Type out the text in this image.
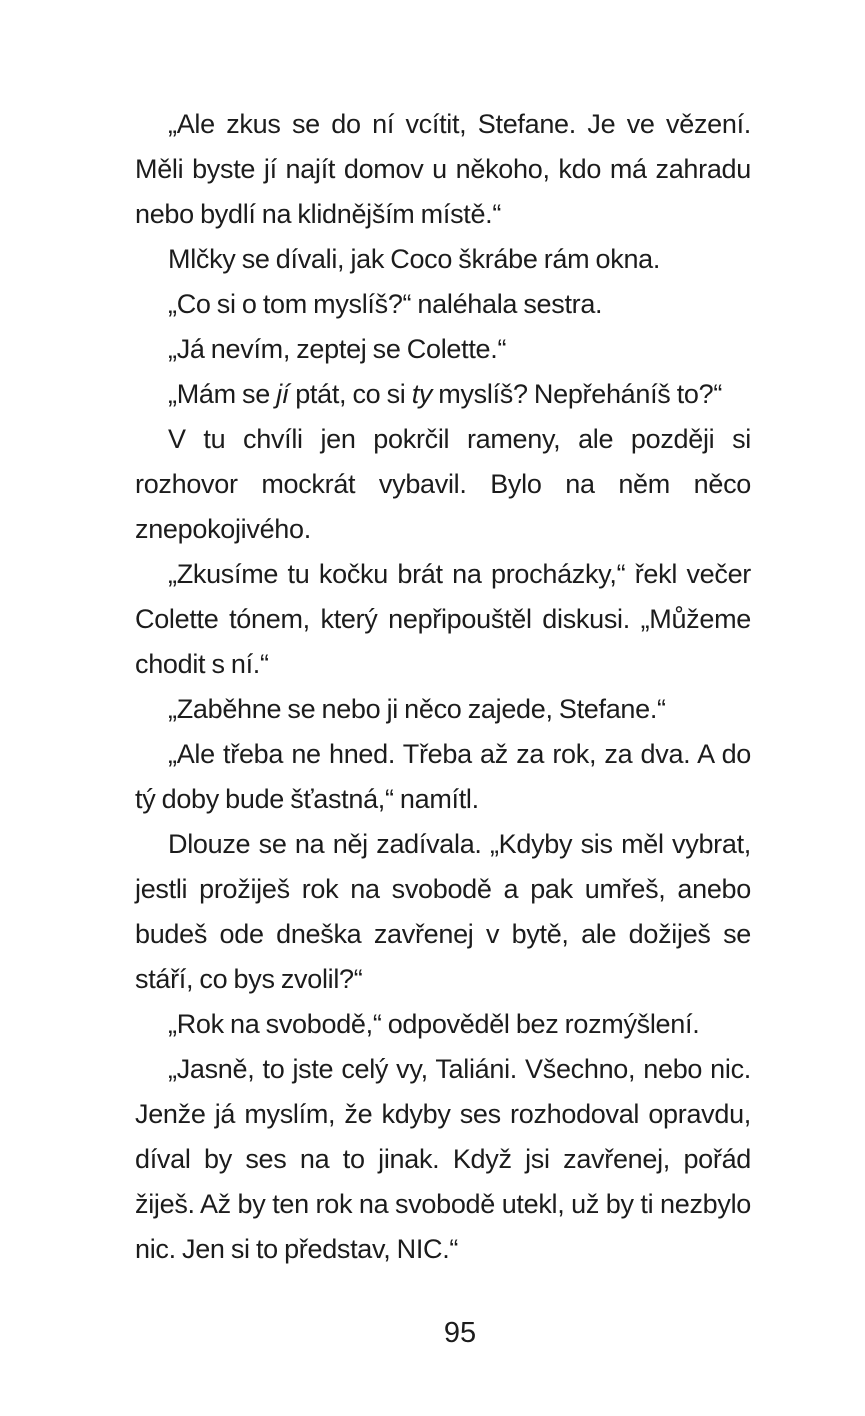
„Ale zkus se do ní vcítit, Stefane. Je ve vězení. Měli byste jí najít domov u někoho, kdo má zahradu nebo bydlí na klidnějším místě.“

Mlčky se dívali, jak Coco škrábe rám okna.

„Co si o tom myslíš?“ naléhala sestra.

„Já nevím, zeptej se Colette.“

„Mám se jí ptát, co si ty myslíš? Nepřeháníš to?“

V tu chvíli jen pokrčil rameny, ale později si rozhovor mockrát vybavil. Bylo na něm něco znepokojivého.

„Zkusíme tu kočku brát na procházky,“ řekl večer Colette tónem, který nepřipouštěl diskusi. „Můžeme chodit s ní.“

„Zaběhne se nebo ji něco zajede, Stefane.“

„Ale třeba ne hned. Třeba až za rok, za dva. A do tý doby bude šťastná,“ namítl.

Dlouze se na něj zadívala. „Kdyby sis měl vybrat, jestli prožiješ rok na svobodě a pak umřeš, anebo budeš ode dneška zavřenej v bytě, ale dožiješ se stáří, co bys zvolil?“

„Rok na svobodě,“ odpověděl bez rozmýšlení.

„Jasně, to jste celý vy, Taliáni. Všechno, nebo nic. Jenže já myslím, že kdyby ses rozhodoval opravdu, díval by ses na to jinak. Když jsi zavřenej, pořád žiješ. Až by ten rok na svobodě utekl, už by ti nezbylo nic. Jen si to představ, NIC.“

95
